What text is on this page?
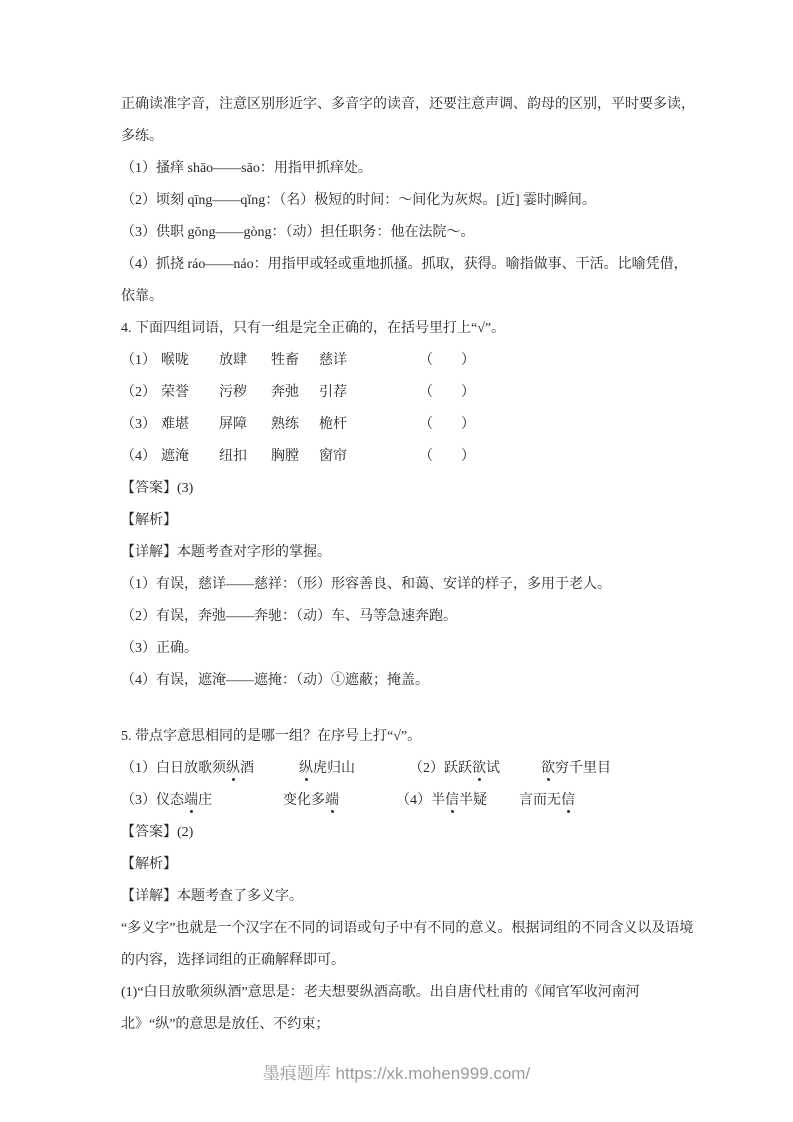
正确读准字音，注意区别形近字、多音字的读音，还要注意声调、韵母的区别，平时要多读，多练。

（1）搔痒 shāo——sāo：用指甲抓痒处。

（2）顷刻 qīng——qǐng：（名）极短的时间：～间化为灰烬。[近] 霎时|瞬间。

（3）供职 gōng——gòng：（动）担任职务：他在法院～。

（4）抓挠 ráo——náo：用指甲或轻或重地抓搔。抓取，获得。喻指做事、干活。比喻凭借，依靠。

4. 下面四组词语，只有一组是完全正确的，在括号里打上“√”。

（1） 喉咙	放肆	牲畜	慈详	（　　）
（2） 荣誉	污秽	奔弛	引荐	（　　）
（3） 难堪	屏障	熟练	桅杆	（　　）
（4） 遮淹	纽扣	胸膛	窗帘	（　　）

【答案】(3)

【解析】

【详解】本题考查对字形的掌握。

（1）有误，慈详——慈祥：（形）形容善良、和蔼、安详的样子，多用于老人。

（2）有误，奔弛——奔驰：（动）车、马等急速奔跑。

（3）正确。

（4）有误，遮淹——遮掩：（动）①遮蔽；掩盖。

5. 带点字意思相同的是哪一组？在序号上打“√”。

（1）白日放歌须纵酒	纵虎归山	（2）跃跃欲试	欲穷千里目
（3）仪态端庄	变化多端	（4）半信半疑	言而无信

【答案】(2)

【解析】

【详解】本题考查了多义字。

“多义字”也就是一个汉字在不同的词语或句子中有不同的意义。根据词组的不同含义以及语境的内容，选择词组的正确解释即可。

(1)“白日放歌须纵酒”意思是：老夫想要纵酒高歌。出自唐代杜甫的《闻官军收河南河北》“纵”的意思是放任、不约束；

墨痕题库 https://xk.mohen999.com/
